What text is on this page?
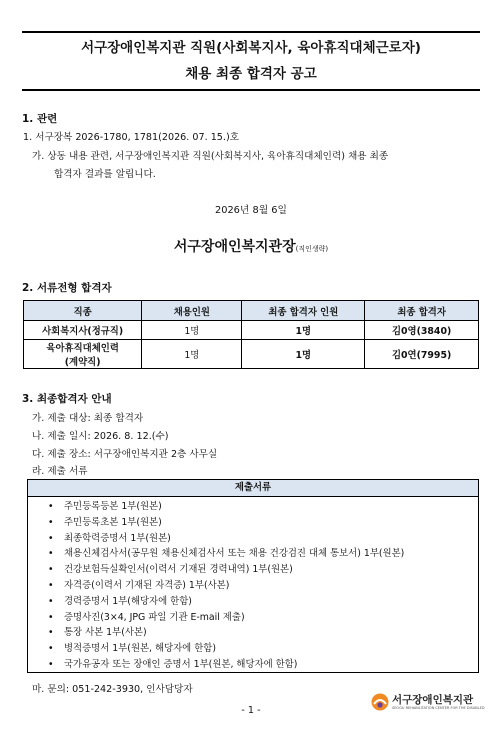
서구장애인복지관 직원(사회복지사, 육아휴직대체근로자)
채용 최종 합격자 공고
1. 관련
1. 서구장복 2026-1780, 1781(2026. 07. 15.)호
가. 상동 내용 관련, 서구장애인복지관 직원(사회복지사, 육아휴직대체인력) 채용 최종
합격자 결과를 알립니다.
2026년 8월 6일
서구장애인복지관장(직인생략)
2. 서류전형 합격자
직종	채용인원	최종 합격자 인원	최종 합격자
사회복지사(정규직)	1명	1명	김0영(3840)

육아휴직대체인력
(계약직)	1명	1명	김0연(7995)
3. 최종합격자 안내
가. 제출 대상: 최종 합격자
나. 제출 일시: 2026. 8. 12.(수)
다. 제출 장소: 서구장애인복지관 2층 사무실
라. 제출 서류
제출서류
• 주민등록등본 1부(원본)
• 주민등록초본 1부(원본)
• 최종학력증명서 1부(원본)
• 채용신체검사서(공무원 채용신체검사서 또는 채용 건강검진 대체 통보서) 1부(원본)
• 건강보험득실확인서(이력서 기재된 경력내역) 1부(원본)
• 자격증(이력서 기재된 자격증) 1부(사본)
• 경력증명서 1부(해당자에 한함)
• 증명사진(3×4, JPG 파일 기관 E-mail 제출)
• 통장 사본 1부(사본)
• 병적증명서 1부(원본, 해당자에 한함)
• 국가유공자 또는 장애인 증명서 1부(원본, 해당자에 한함)
마. 문의: 051-242-3930, 인사담당자
서구장애인복지관
SEOGU REHABILITATION CENTER FOR THE DISABLED
- 1 -
